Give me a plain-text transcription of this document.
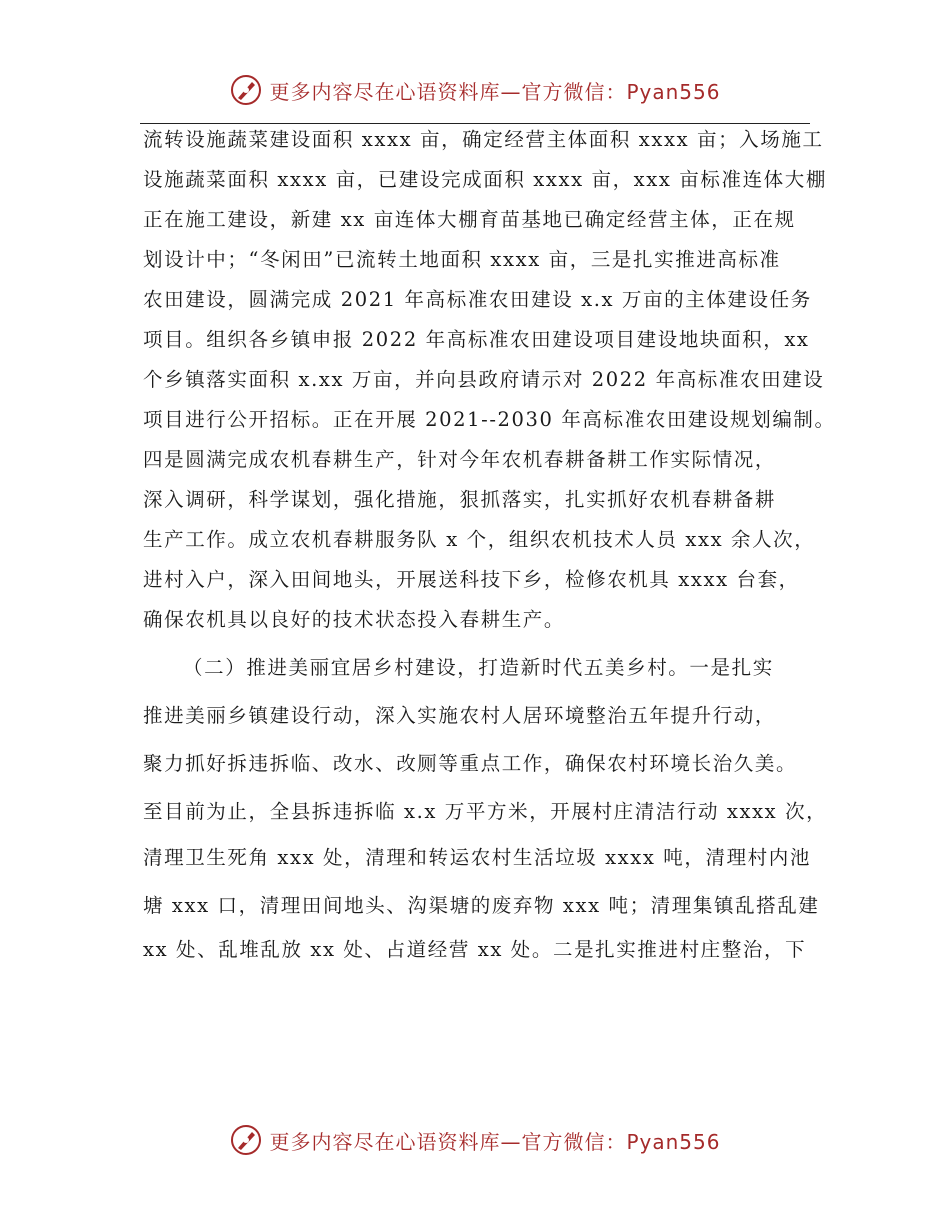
更多内容尽在心语资料库—官方微信：Pyan556
流转设施蔬菜建设面积 xxxx 亩，确定经营主体面积 xxxx 亩；入场施工
设施蔬菜面积 xxxx 亩，已建设完成面积 xxxx 亩，xxx 亩标准连体大棚
正在施工建设，新建 xx 亩连体大棚育苗基地已确定经营主体，正在规
划设计中；“冬闲田”已流转土地面积 xxxx 亩，三是扎实推进高标准
农田建设，圆满完成 2021 年高标准农田建设 x.x 万亩的主体建设任务
项目。组织各乡镇申报 2022 年高标准农田建设项目建设地块面积，xx
个乡镇落实面积 x.xx 万亩，并向县政府请示对 2022 年高标准农田建设
项目进行公开招标。正在开展 2021--2030 年高标准农田建设规划编制。
四是圆满完成农机春耕生产，针对今年农机春耕备耕工作实际情况，
深入调研，科学谋划，强化措施，狠抓落实，扎实抓好农机春耕备耕
生产工作。成立农机春耕服务队 x 个，组织农机技术人员 xxx 余人次，
进村入户，深入田间地头，开展送科技下乡，检修农机具 xxxx 台套，
确保农机具以良好的技术状态投入春耕生产。
（二）推进美丽宜居乡村建设，打造新时代五美乡村。一是扎实
推进美丽乡镇建设行动，深入实施农村人居环境整治五年提升行动，
聚力抓好拆违拆临、改水、改厕等重点工作，确保农村环境长治久美。
至目前为止，全县拆违拆临 x.x 万平方米，开展村庄清洁行动 xxxx 次，
清理卫生死角 xxx 处，清理和转运农村生活垃圾 xxxx 吨，清理村内池
塘 xxx 口，清理田间地头、沟渠塘的废弃物 xxx 吨；清理集镇乱搭乱建
xx 处、乱堆乱放 xx 处、占道经营 xx 处。二是扎实推进村庄整治，下
更多内容尽在心语资料库—官方微信：Pyan556
